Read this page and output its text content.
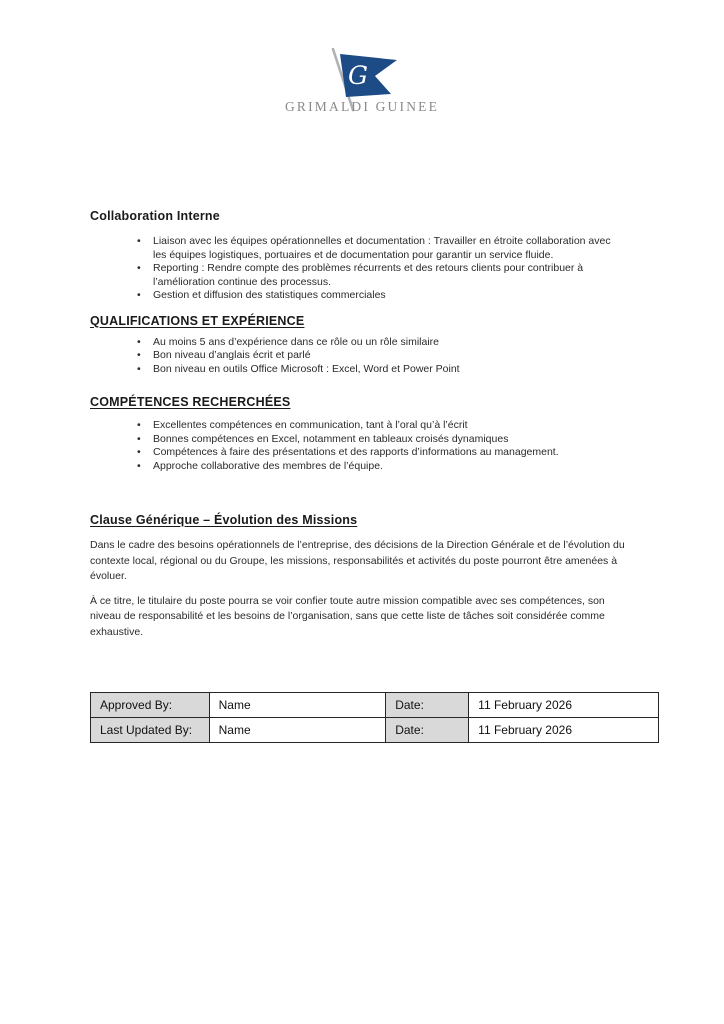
G
GRIMALDI GUINEE
Collaboration Interne
• Liaison avec les équipes opérationnelles et documentation : Travailler en étroite collaboration avec les équipes logistiques, portuaires et de documentation pour garantir un service fluide.
• Reporting : Rendre compte des problèmes récurrents et des retours clients pour contribuer à l’amélioration continue des processus.
• Gestion et diffusion des statistiques commerciales
QUALIFICATIONS ET EXPÉRIENCE
• Au moins 5 ans d’expérience dans ce rôle ou un rôle similaire
• Bon niveau d’anglais écrit et parlé
• Bon niveau en outils Office Microsoft : Excel, Word et Power Point
COMPÉTENCES RECHERCHÉES
• Excellentes compétences en communication, tant à l’oral qu’à l’écrit
• Bonnes compétences en Excel, notamment en tableaux croisés dynamiques
• Compétences à faire des présentations et des rapports d’informations au management.
• Approche collaborative des membres de l’équipe.
Clause Générique – Évolution des Missions

Dans le cadre des besoins opérationnels de l’entreprise, des décisions de la Direction Générale et de l’évolution du contexte local, régional ou du Groupe, les missions, responsabilités et activités du poste pourront être amenées à évoluer.

À ce titre, le titulaire du poste pourra se voir confier toute autre mission compatible avec ses compétences, son niveau de responsabilité et les besoins de l’organisation, sans que cette liste de tâches soit considérée comme exhaustive.

Approved By:	Name	Date:	11 February 2026
Last Updated By:	Name	Date:	11 February 2026
